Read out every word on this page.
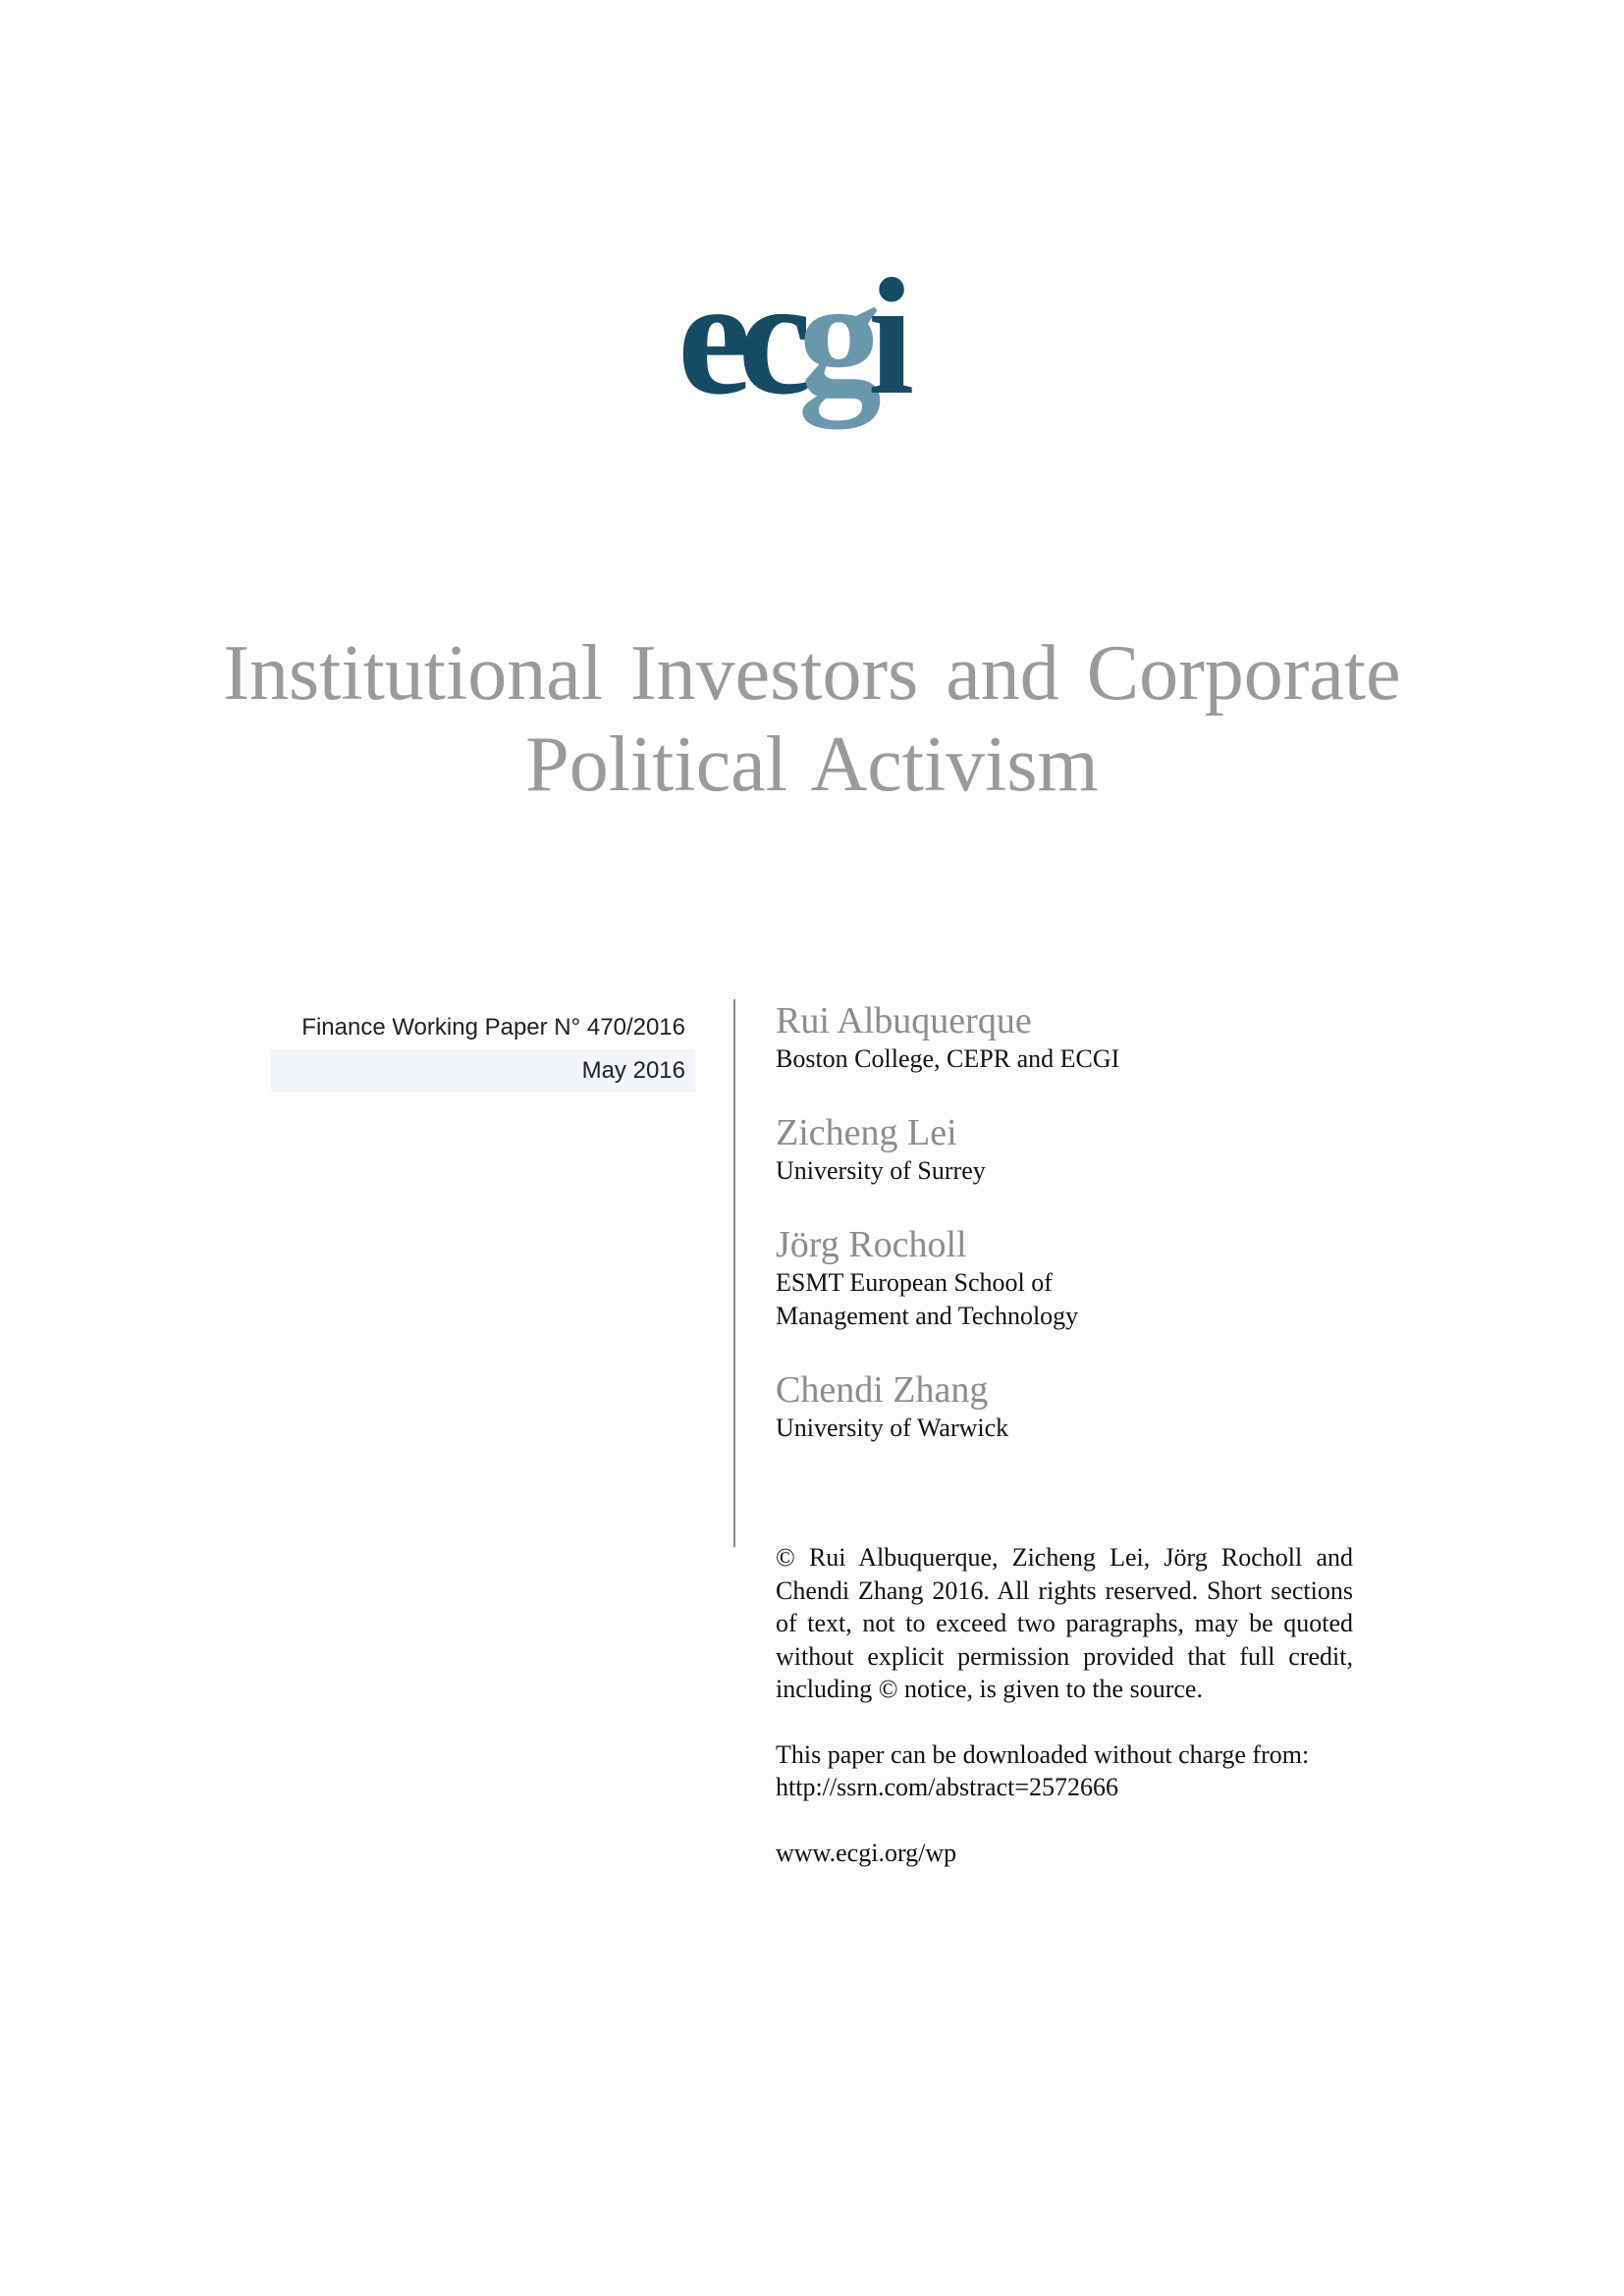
ecgi
Institutional Investors and Corporate
Political Activism
Finance Working Paper N° 470/2016
May 2016
Rui Albuquerque
Boston College, CEPR and ECGI
Zicheng Lei
University of Surrey
Jörg Rocholl
ESMT European School of
Management and Technology
Chendi Zhang
University of Warwick

© Rui Albuquerque, Zicheng Lei, Jörg Rocholl and Chendi Zhang 2016. All rights reserved. Short sections of text, not to exceed two paragraphs, may be quoted without explicit permission provided that full credit, including © notice, is given to the source.

This paper can be downloaded without charge from:
http://ssrn.com/abstract=2572666

www.ecgi.org/wp
